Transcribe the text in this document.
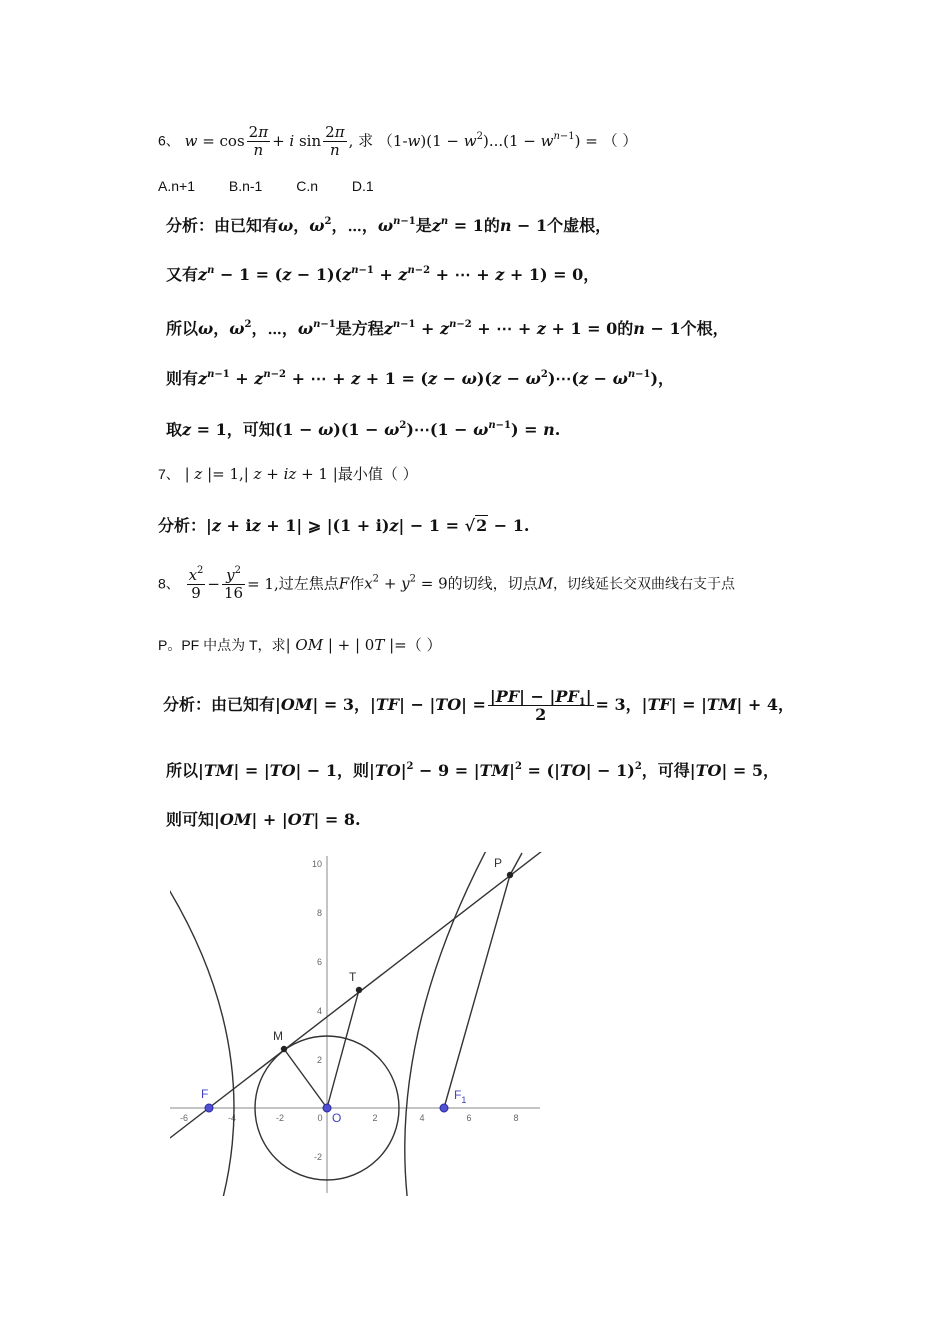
6、 $w = \cos \frac{2\pi}{n} + i$ $\sin \frac{2\pi}{n}$ , 求 $(1-w)(1 - w^2)...(1 - w^{n-1})$ = （ ）
A.n+1 B.n-1 C.n D.1
分析：由已知有ω，$\omega^2$，⋯，$\omega^{n-1}$是$z^n = 1$的n − 1个虚根，
又有$z^n - 1 = (z - 1)(z^{n-1} + z^{n-2}$ + ⋯ + z + 1) = 0，
所以ω，$\omega^2$，⋯，$\omega^{n-1}$是方程$z^{n-1} + z^{n-2}$ + ⋯ + z + 1 = 0的n − 1个根，
则有$z^{n-1} + z^{n-2}$ + ⋯ + $z + 1 = (z - \omega)(z - \omega^2)\cdots(z - \omega^{n-1})$，
取z = 1，可知$(1 - \omega)(1 - \omega^2)\cdots(1 - \omega^{n-1}) = n$.
7、 | z |= 1,| z + iz + 1 |最小值（ ）
分析：|z + iz + 1| ⩾ |(1 + i)z| − 1 = √2 − 1.
8、 $\frac{x^2}{9} - \frac{y^2}{16} = 1$,过左焦点F作$x^2 + y^2 = 9$的切线，切点M，切线延长交双曲线右支于点
P。PF 中点为 T，求| OM | + | 0T |=（ ）
分析：由已知有|OM| = 3，$|TF| - |TO| = \frac{|PF| - |PF_1|}{2} = 3$，|TF| = |TM| + 4，
所以|TM| = |TO| − 1，则$|TO|^2 - 9 = |TM|^2 = (|TO| - 1)^2$，可得|TO| = 5，
则可知|OM| + |OT| = 8.
-6	-4	-2	0	2	4	6	8
10
8
6
4
2
-2
F
O
$F_1$
M
T
P
